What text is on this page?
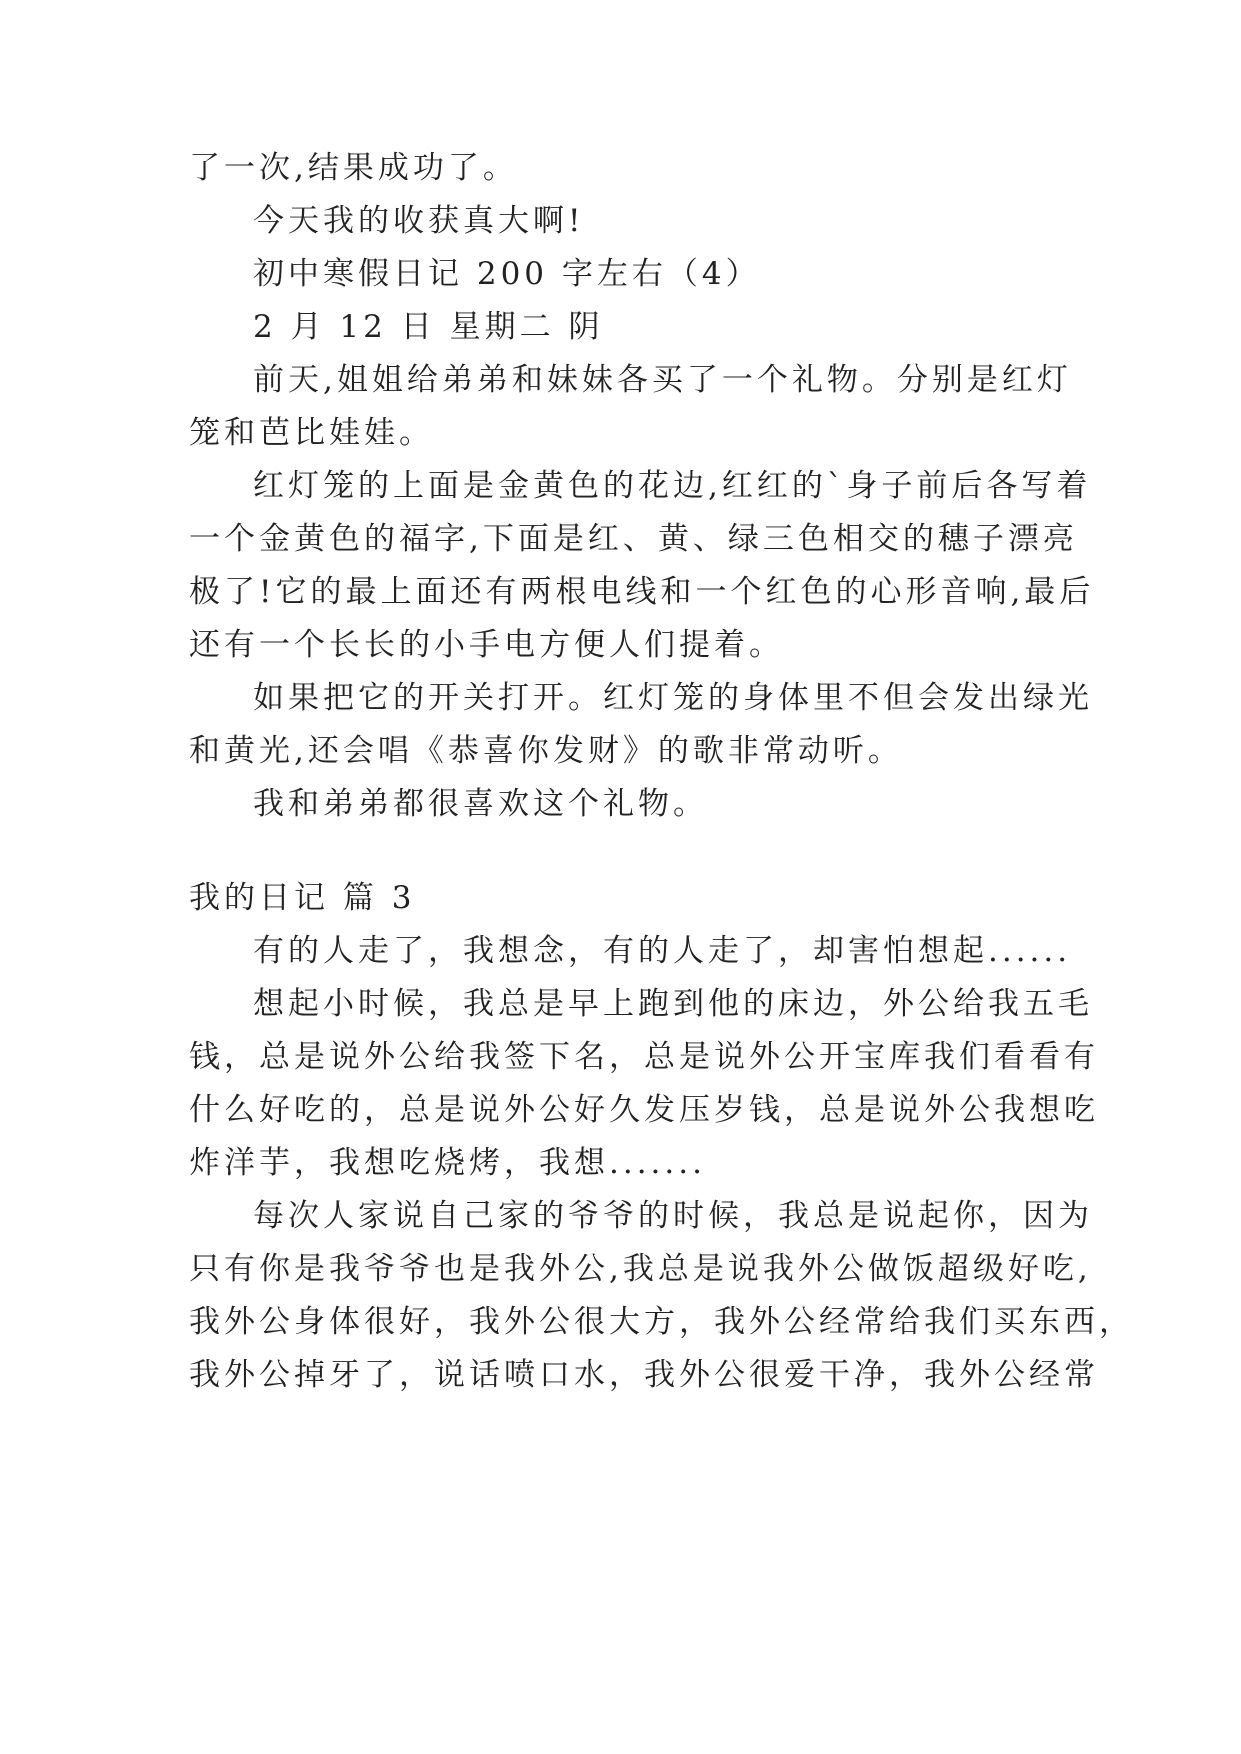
了一次,结果成功了。
今天我的收获真大啊!
初中寒假日记 200 字左右（4）
2 月 12 日 星期二 阴
前天,姐姐给弟弟和妹妹各买了一个礼物。分别是红灯
笼和芭比娃娃。
红灯笼的上面是金黄色的花边,红红的`身子前后各写着
一个金黄色的福字,下面是红、黄、绿三色相交的穗子漂亮
极了!它的最上面还有两根电线和一个红色的心形音响,最后
还有一个长长的小手电方便人们提着。
如果把它的开关打开。红灯笼的身体里不但会发出绿光
和黄光,还会唱《恭喜你发财》的歌非常动听。
我和弟弟都很喜欢这个礼物。
我的日记 篇 3
有的人走了，我想念，有的人走了，却害怕想起......
想起小时候，我总是早上跑到他的床边，外公给我五毛
钱，总是说外公给我签下名，总是说外公开宝库我们看看有
什么好吃的，总是说外公好久发压岁钱，总是说外公我想吃
炸洋芋，我想吃烧烤，我想.......
每次人家说自己家的爷爷的时候，我总是说起你，因为
只有你是我爷爷也是我外公,我总是说我外公做饭超级好吃,
我外公身体很好，我外公很大方，我外公经常给我们买东西，
我外公掉牙了，说话喷口水，我外公很爱干净，我外公经常
